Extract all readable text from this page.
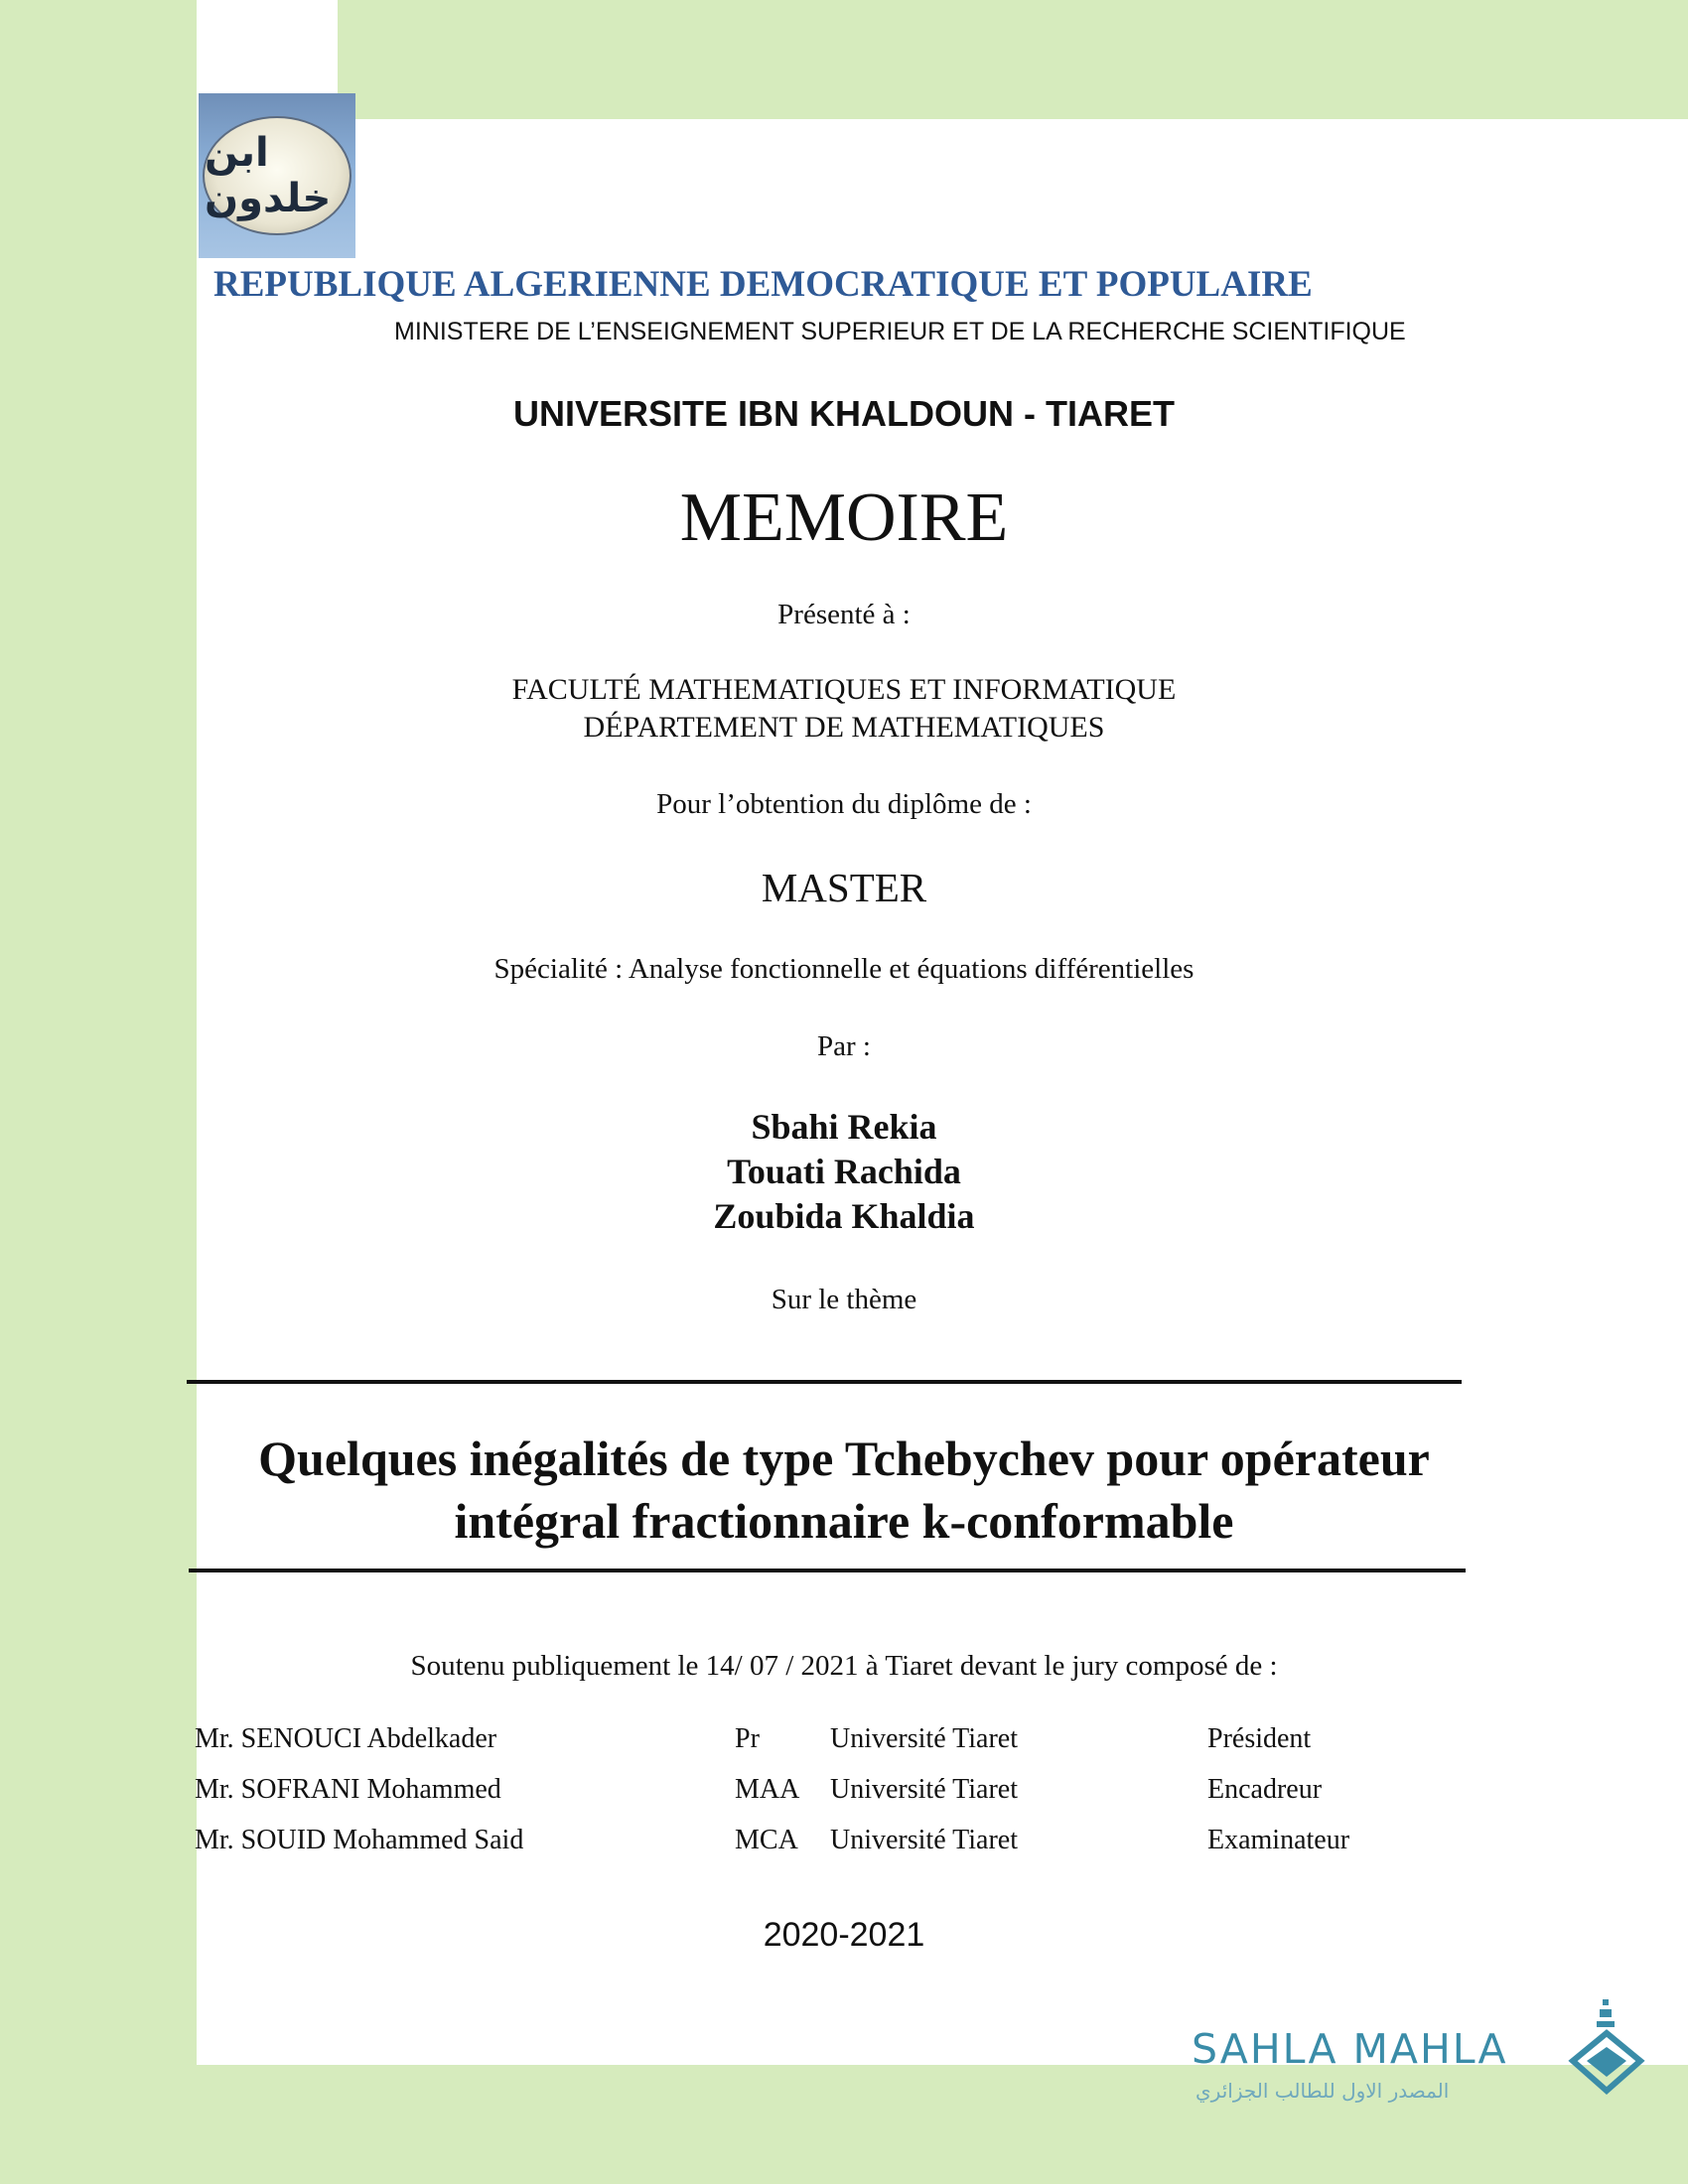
ابن خلدون
REPUBLIQUE ALGERIENNE DEMOCRATIQUE ET POPULAIRE
MINISTERE DE L’ENSEIGNEMENT SUPERIEUR ET DE LA RECHERCHE SCIENTIFIQUE
UNIVERSITE IBN KHALDOUN - TIARET
MEMOIRE
Présenté à :
FACULTÉ MATHEMATIQUES ET INFORMATIQUE
DÉPARTEMENT DE MATHEMATIQUES
Pour l’obtention du diplôme de :
MASTER
Spécialité : Analyse fonctionnelle et équations différentielles
Par :
Sbahi Rekia
Touati Rachida
Zoubida Khaldia
Sur le thème
Quelques inégalités de type Tchebychev pour opérateur
intégral fractionnaire k-conformable
Soutenu publiquement le 14/ 07 / 2021 à Tiaret devant le jury composé de :
Mr. SENOUCI Abdelkader	Pr	Université Tiaret	Président
Mr. SOFRANI Mohammed	MAA Université Tiaret	Encadreur
Mr. SOUID Mohammed Said	MCA Université Tiaret	Examinateur
2020-2021
SAHLA MAHLA
المصدر الاول للطالب الجزائري
